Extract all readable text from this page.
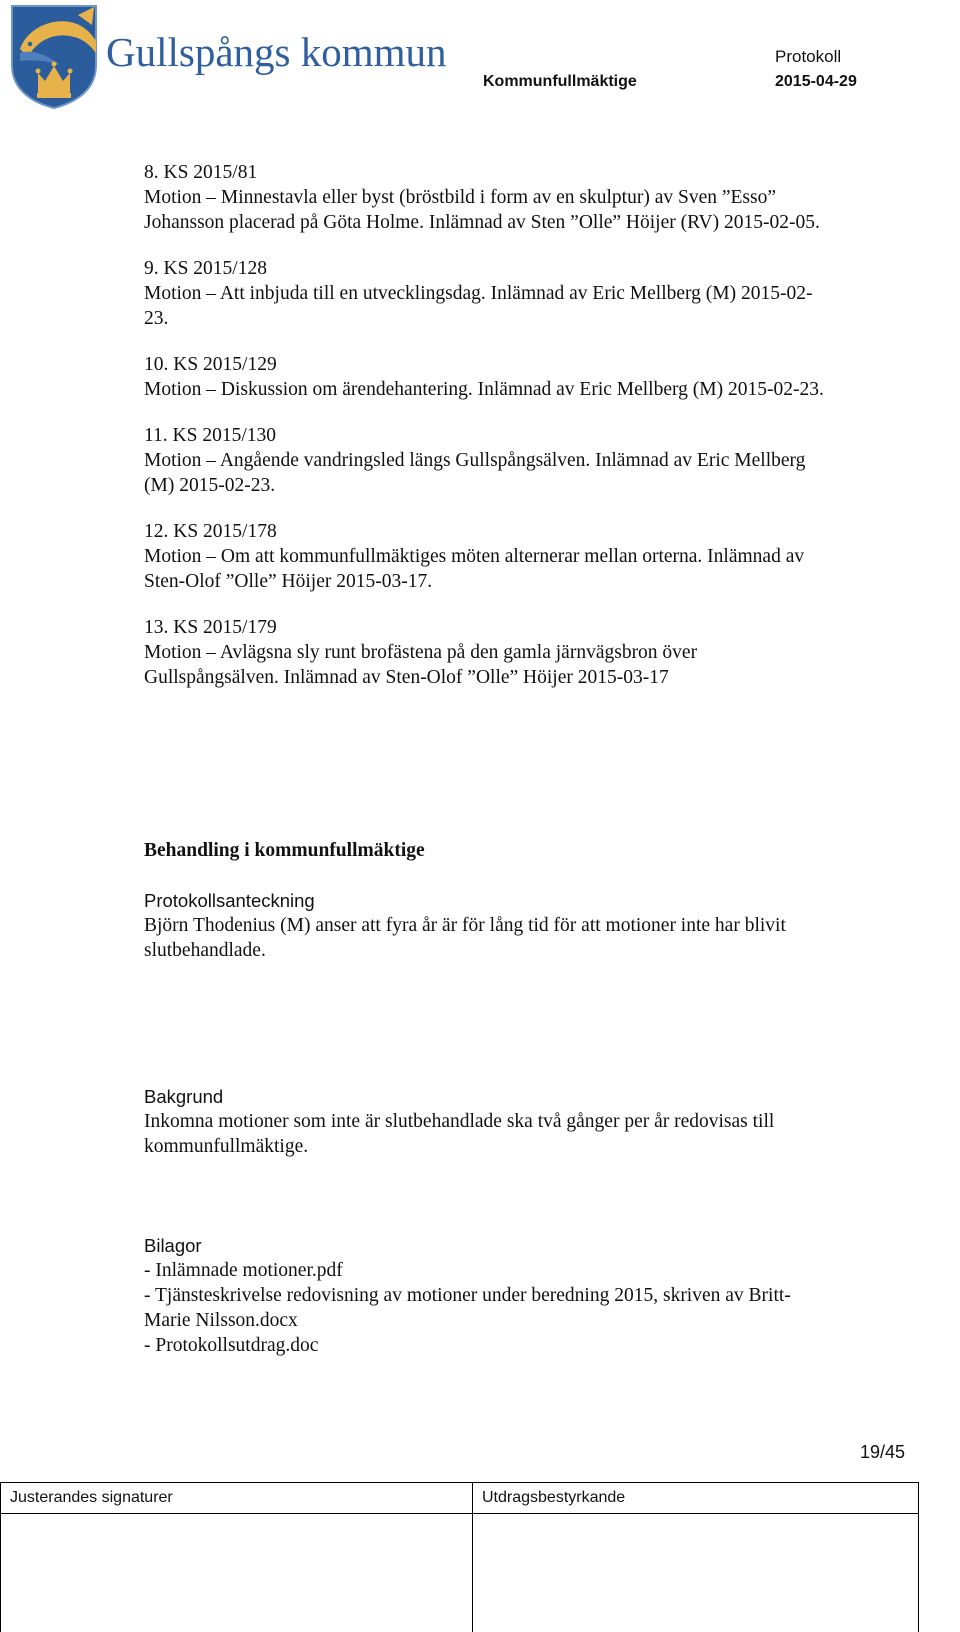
Gullspångs kommun	Protokoll
Kommunfullmäktige	2015-04-29
8. KS 2015/81
Motion – Minnestavla eller byst (bröstbild i form av en skulptur) av Sven ”Esso”
Johansson placerad på Göta Holme. Inlämnad av Sten ”Olle” Höijer (RV) 2015-02-05.
9. KS 2015/128
Motion – Att inbjuda till en utvecklingsdag. Inlämnad av Eric Mellberg (M) 2015-02-
23.
10. KS 2015/129
Motion – Diskussion om ärendehantering. Inlämnad av Eric Mellberg (M) 2015-02-23.
11. KS 2015/130
Motion – Angående vandringsled längs Gullspångsälven. Inlämnad av Eric Mellberg
(M) 2015-02-23.
12. KS 2015/178
Motion – Om att kommunfullmäktiges möten alternerar mellan orterna. Inlämnad av
Sten-Olof ”Olle” Höijer 2015-03-17.
13. KS 2015/179
Motion – Avlägsna sly runt brofästena på den gamla järnvägsbron över
Gullspångsälven. Inlämnad av Sten-Olof ”Olle” Höijer 2015-03-17
Behandling i kommunfullmäktige
Protokollsanteckning
Björn Thodenius (M) anser att fyra år är för lång tid för att motioner inte har blivit
slutbehandlade.
Bakgrund
Inkomna motioner som inte är slutbehandlade ska två gånger per år redovisas till
kommunfullmäktige.
Bilagor
- Inlämnade motioner.pdf
- Tjänsteskrivelse redovisning av motioner under beredning 2015, skriven av Britt-
Marie Nilsson.docx
- Protokollsutdrag.doc
19/45
Justerandes signaturer	Utdragsbestyrkande
